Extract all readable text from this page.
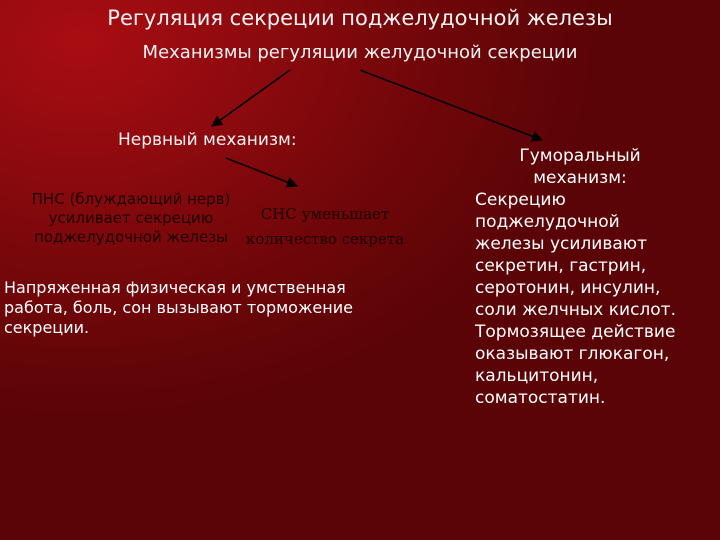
Регуляция секреции поджелудочной железы
Механизмы регуляции желудочной секреции
Нервный механизм:
ПНС (блуждающий нерв)
усиливает секрецию
поджелудочной железы
СНС уменьшает
количество секрета
Напряженная физическая и умственная
работа, боль, сон вызывают торможение
секреции.
Гуморальный
механизм:
Секрецию
поджелудочной
железы усиливают
секретин, гастрин,
серотонин, инсулин,
соли желчных кислот.
Тормозящее действие
оказывают глюкагон,
кальцитонин,
соматостатин.
